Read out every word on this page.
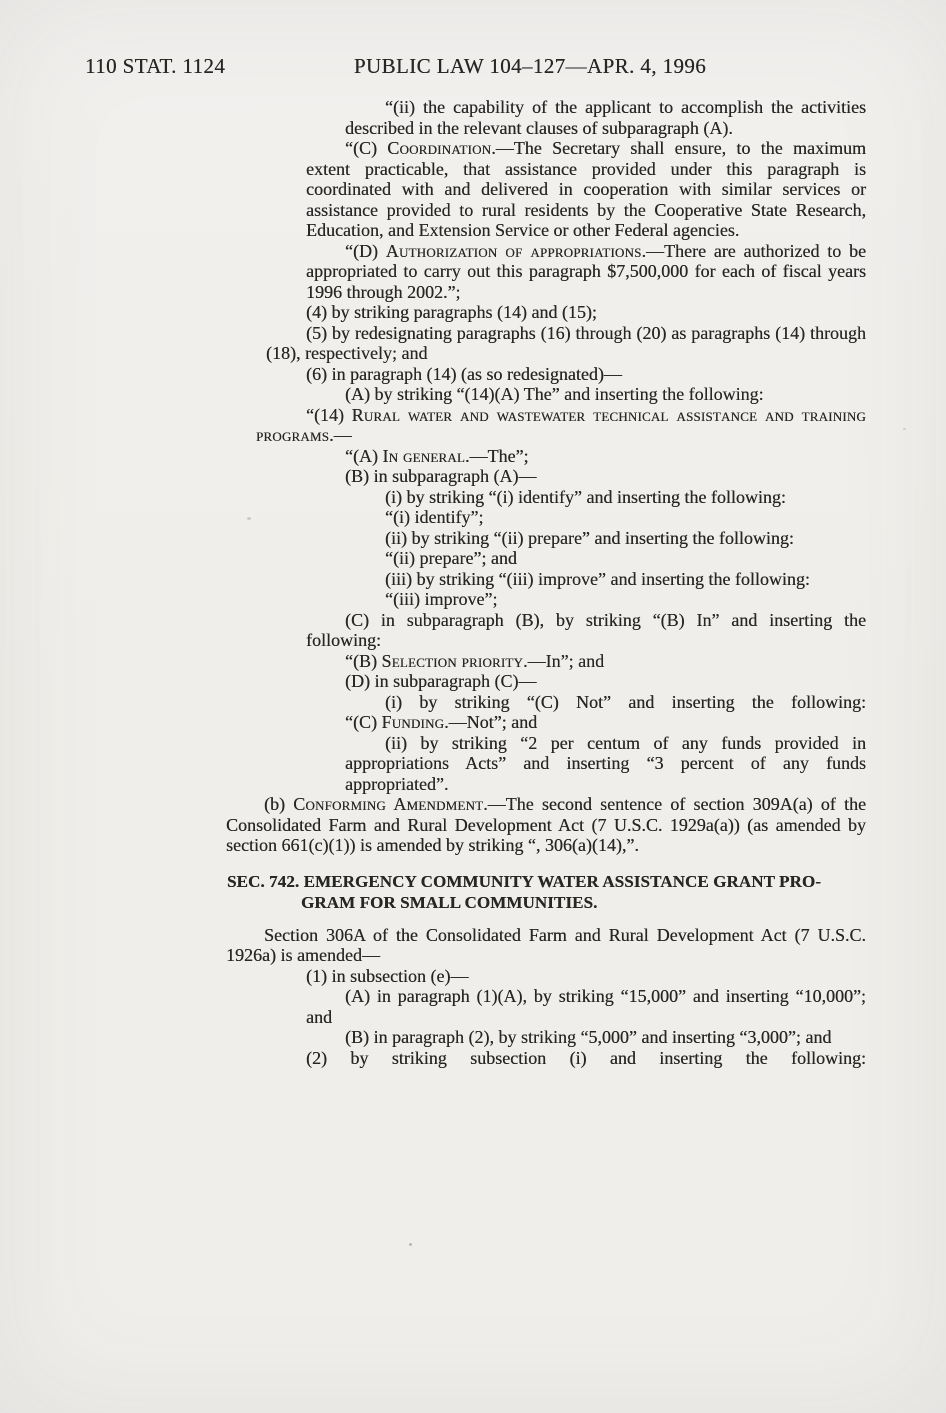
110 STAT. 1124	PUBLIC LAW 104–127—APR. 4, 1996

“(ii) the capability of the applicant to accomplish the activities described in the relevant clauses of subparagraph (A).

“(C) Coordination.—The Secretary shall ensure, to the maximum extent practicable, that assistance provided under this paragraph is coordinated with and delivered in cooperation with similar services or assistance provided to rural residents by the Cooperative State Research, Education, and Extension Service or other Federal agencies.

“(D) Authorization of appropriations.—There are authorized to be appropriated to carry out this paragraph $7,500,000 for each of fiscal years 1996 through 2002.”;

(4) by striking paragraphs (14) and (15);

(5) by redesignating paragraphs (16) through (20) as paragraphs (14) through (18), respectively; and

(6) in paragraph (14) (as so redesignated)—

(A) by striking “(14)(A) The” and inserting the following:

“(14) Rural water and wastewater technical assistance and training programs.—

“(A) In general.—The”;

(B) in subparagraph (A)—

(i) by striking “(i) identify” and inserting the following:

“(i) identify”;

(ii) by striking “(ii) prepare” and inserting the following:

“(ii) prepare”; and

(iii) by striking “(iii) improve” and inserting the following:

“(iii) improve”;

(C) in subparagraph (B), by striking “(B) In” and inserting the following:

“(B) Selection priority.—In”; and

(D) in subparagraph (C)—

(i) by striking “(C) Not” and inserting the following:

“(C) Funding.—Not”; and

(ii) by striking “2 per centum of any funds provided in appropriations Acts” and inserting “3 percent of any funds appropriated”.

(b) Conforming Amendment.—The second sentence of section 309A(a) of the Consolidated Farm and Rural Development Act (7 U.S.C. 1929a(a)) (as amended by section 661(c)(1)) is amended by striking “, 306(a)(14),”.

SEC. 742. EMERGENCY COMMUNITY WATER ASSISTANCE GRANT PRO-
GRAM FOR SMALL COMMUNITIES.

Section 306A of the Consolidated Farm and Rural Development Act (7 U.S.C. 1926a) is amended—

(1) in subsection (e)—

(A) in paragraph (1)(A), by striking “15,000” and inserting “10,000”; and

(B) in paragraph (2), by striking “5,000” and inserting “3,000”; and

(2) by striking subsection (i) and inserting the following:
